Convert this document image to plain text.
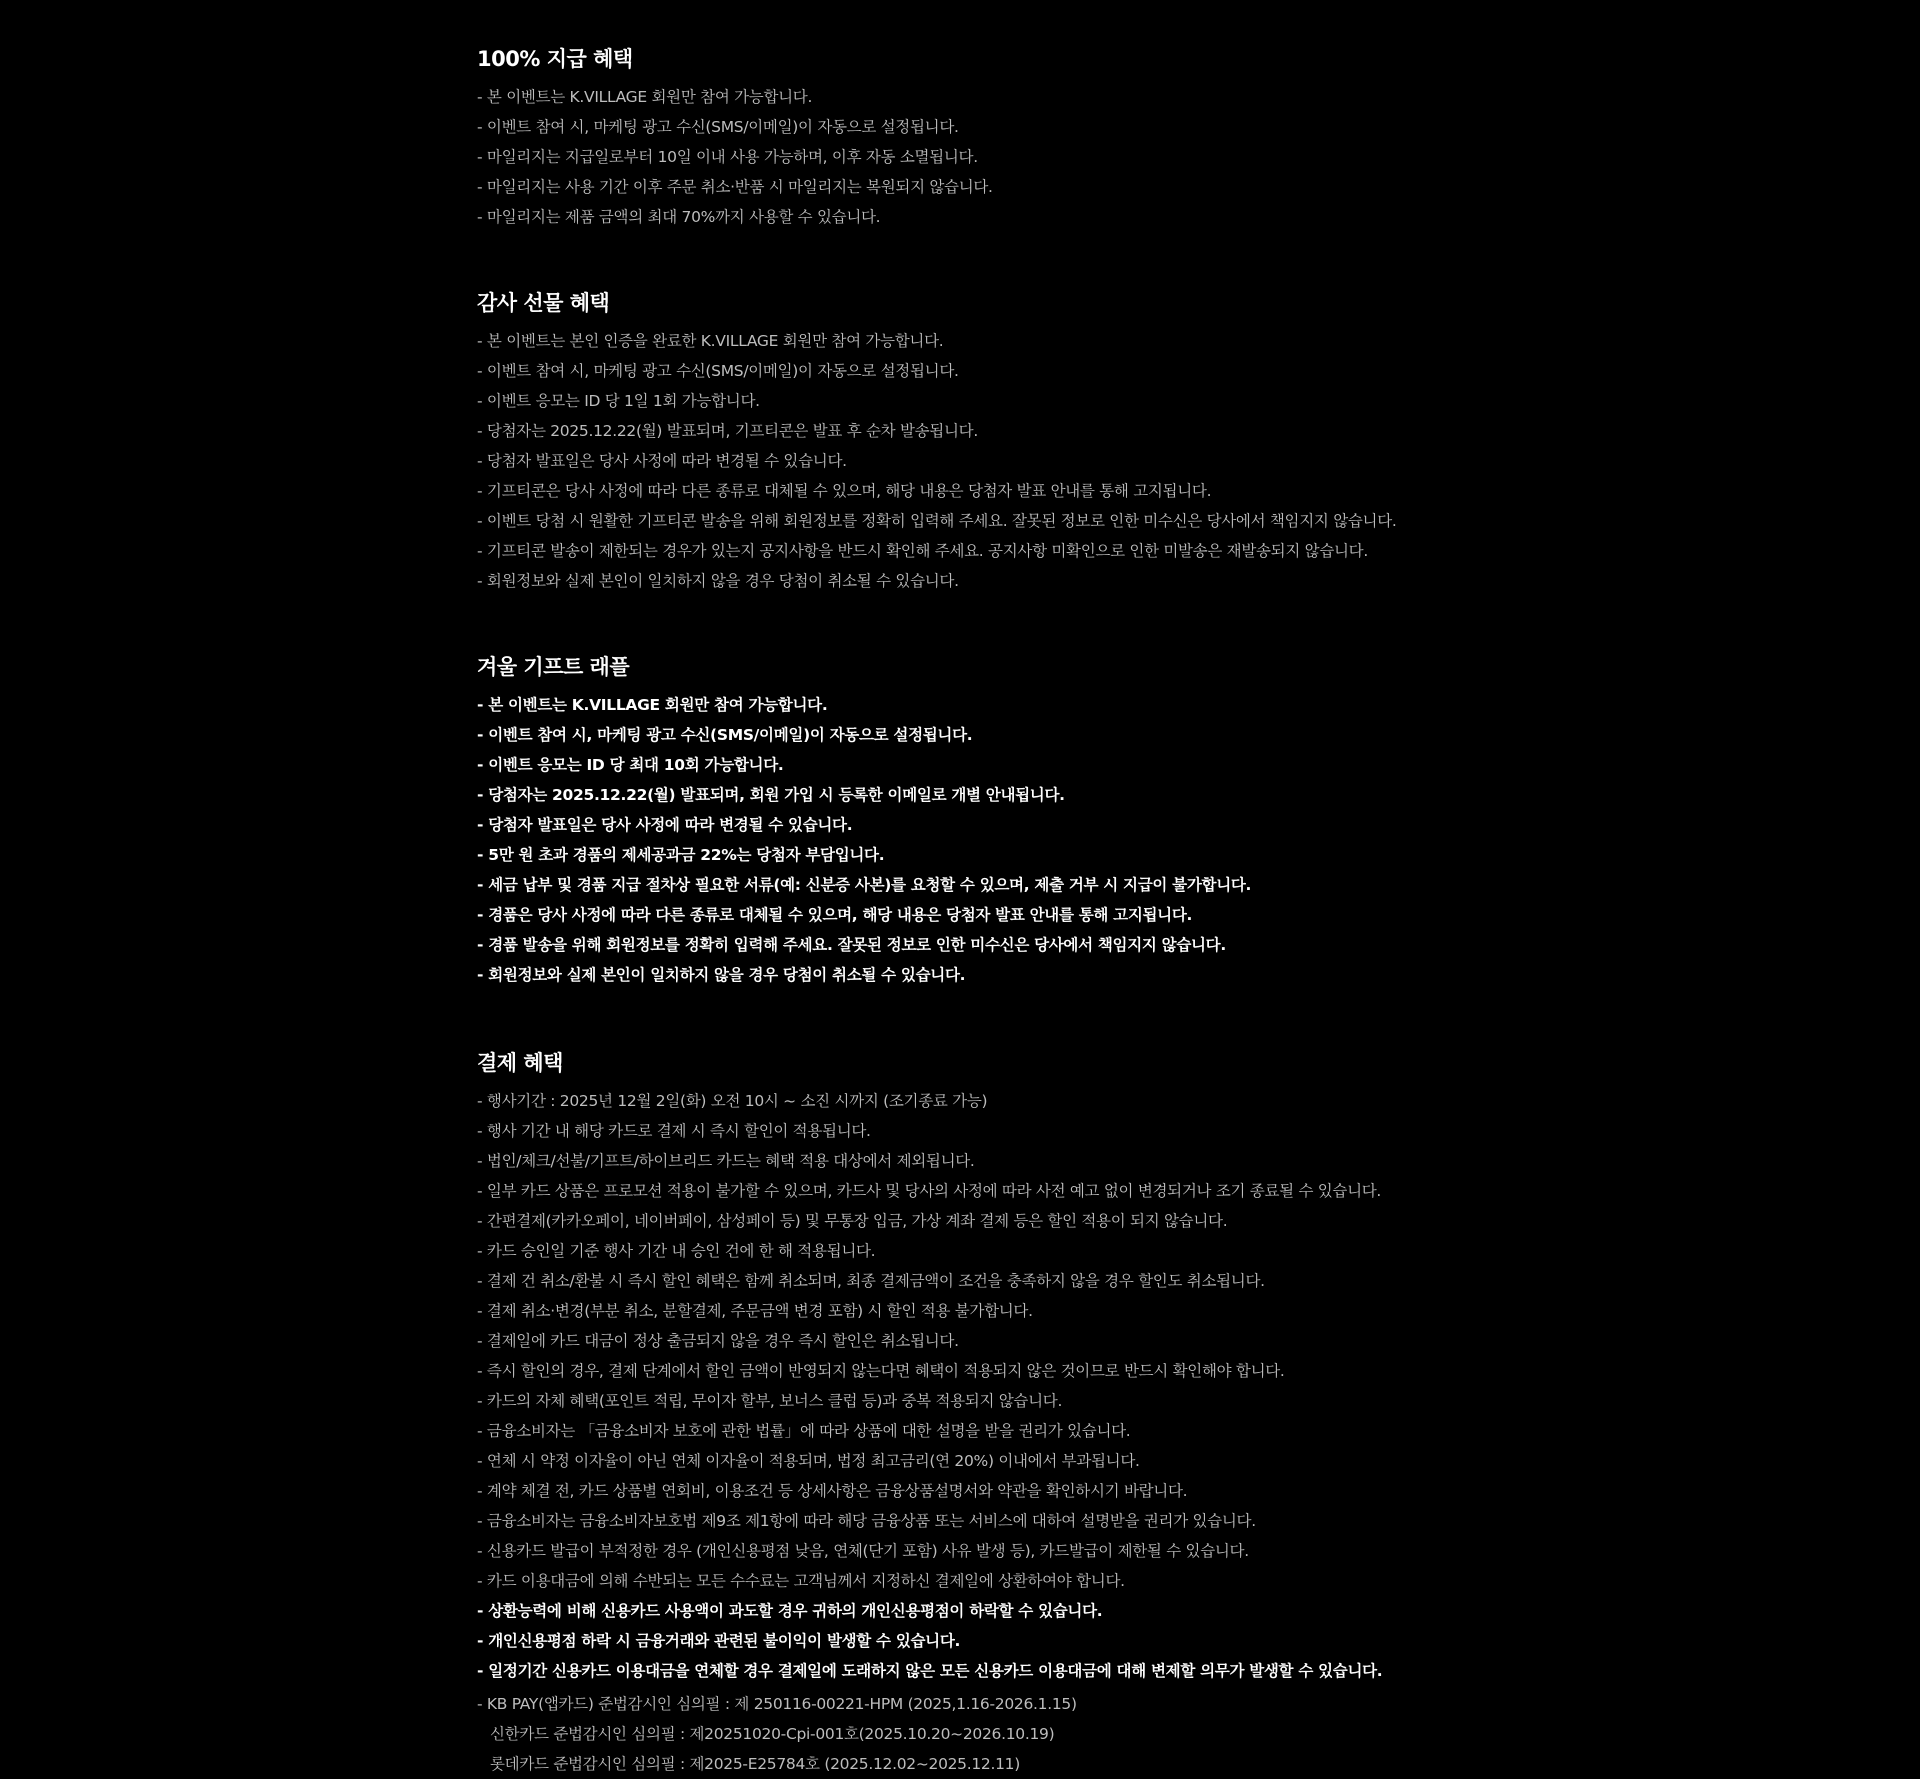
100% 지급 혜택
- 본 이벤트는 K.VILLAGE 회원만 참여 가능합니다.
- 이벤트 참여 시, 마케팅 광고 수신(SMS/이메일)이 자동으로 설정됩니다.
- 마일리지는 지급일로부터 10일 이내 사용 가능하며, 이후 자동 소멸됩니다.
- 마일리지는 사용 기간 이후 주문 취소·반품 시 마일리지는 복원되지 않습니다.
- 마일리지는 제품 금액의 최대 70%까지 사용할 수 있습니다.
감사 선물 혜택
- 본 이벤트는 본인 인증을 완료한 K.VILLAGE 회원만 참여 가능합니다.
- 이벤트 참여 시, 마케팅 광고 수신(SMS/이메일)이 자동으로 설정됩니다.
- 이벤트 응모는 ID 당 1일 1회 가능합니다.
- 당첨자는 2025.12.22(월) 발표되며, 기프티콘은 발표 후 순차 발송됩니다.
- 당첨자 발표일은 당사 사정에 따라 변경될 수 있습니다.
- 기프티콘은 당사 사정에 따라 다른 종류로 대체될 수 있으며, 해당 내용은 당첨자 발표 안내를 통해 고지됩니다.
- 이벤트 당첨 시 원활한 기프티콘 발송을 위해 회원정보를 정확히 입력해 주세요. 잘못된 정보로 인한 미수신은 당사에서 책임지지 않습니다.
- 기프티콘 발송이 제한되는 경우가 있는지 공지사항을 반드시 확인해 주세요. 공지사항 미확인으로 인한 미발송은 재발송되지 않습니다.
- 회원정보와 실제 본인이 일치하지 않을 경우 당첨이 취소될 수 있습니다.
겨울 기프트 래플
- 본 이벤트는 K.VILLAGE 회원만 참여 가능합니다.
- 이벤트 참여 시, 마케팅 광고 수신(SMS/이메일)이 자동으로 설정됩니다.
- 이벤트 응모는 ID 당 최대 10회 가능합니다.
- 당첨자는 2025.12.22(월) 발표되며, 회원 가입 시 등록한 이메일로 개별 안내됩니다.
- 당첨자 발표일은 당사 사정에 따라 변경될 수 있습니다.
- 5만 원 초과 경품의 제세공과금 22%는 당첨자 부담입니다.
- 세금 납부 및 경품 지급 절차상 필요한 서류(예: 신분증 사본)를 요청할 수 있으며, 제출 거부 시 지급이 불가합니다.
- 경품은 당사 사정에 따라 다른 종류로 대체될 수 있으며, 해당 내용은 당첨자 발표 안내를 통해 고지됩니다.
- 경품 발송을 위해 회원정보를 정확히 입력해 주세요. 잘못된 정보로 인한 미수신은 당사에서 책임지지 않습니다.
- 회원정보와 실제 본인이 일치하지 않을 경우 당첨이 취소될 수 있습니다.
결제 혜택
- 행사기간 : 2025년 12월 2일(화) 오전 10시 ~ 소진 시까지 (조기종료 가능)
- 행사 기간 내 해당 카드로 결제 시 즉시 할인이 적용됩니다.
- 법인/체크/선불/기프트/하이브리드 카드는 혜택 적용 대상에서 제외됩니다.
- 일부 카드 상품은 프로모션 적용이 불가할 수 있으며, 카드사 및 당사의 사정에 따라 사전 예고 없이 변경되거나 조기 종료될 수 있습니다.
- 간편결제(카카오페이, 네이버페이, 삼성페이 등) 및 무통장 입금, 가상 계좌 결제 등은 할인 적용이 되지 않습니다.
- 카드 승인일 기준 행사 기간 내 승인 건에 한 해 적용됩니다.
- 결제 건 취소/환불 시 즉시 할인 혜택은 함께 취소되며, 최종 결제금액이 조건을 충족하지 않을 경우 할인도 취소됩니다.
- 결제 취소·변경(부분 취소, 분할결제, 주문금액 변경 포함) 시 할인 적용 불가합니다.
- 결제일에 카드 대금이 정상 출금되지 않을 경우 즉시 할인은 취소됩니다.
- 즉시 할인의 경우, 결제 단계에서 할인 금액이 반영되지 않는다면 혜택이 적용되지 않은 것이므로 반드시 확인해야 합니다.
- 카드의 자체 혜택(포인트 적립, 무이자 할부, 보너스 클럽 등)과 중복 적용되지 않습니다.
- 금융소비자는 「금융소비자 보호에 관한 법률」에 따라 상품에 대한 설명을 받을 권리가 있습니다.
- 연체 시 약정 이자율이 아닌 연체 이자율이 적용되며, 법정 최고금리(연 20%) 이내에서 부과됩니다.
- 계약 체결 전, 카드 상품별 연회비, 이용조건 등 상세사항은 금융상품설명서와 약관을 확인하시기 바랍니다.
- 금융소비자는 금융소비자보호법 제9조 제1항에 따라 해당 금융상품 또는 서비스에 대하여 설명받을 권리가 있습니다.
- 신용카드 발급이 부적정한 경우 (개인신용평점 낮음, 연체(단기 포함) 사유 발생 등), 카드발급이 제한될 수 있습니다.
- 카드 이용대금에 의해 수반되는 모든 수수료는 고객님께서 지정하신 결제일에 상환하여야 합니다.
- 상환능력에 비해 신용카드 사용액이 과도할 경우 귀하의 개인신용평점이 하락할 수 있습니다.
- 개인신용평점 하락 시 금융거래와 관련된 불이익이 발생할 수 있습니다.
- 일정기간 신용카드 이용대금을 연체할 경우 결제일에 도래하지 않은 모든 신용카드 이용대금에 대해 변제할 의무가 발생할 수 있습니다.
- KB PAY(앱카드) 준법감시인 심의필 : 제 250116-00221-HPM (2025,1.16-2026.1.15)
신한카드 준법감시인 심의필 : 제20251020-Cpi-001호(2025.10.20~2026.10.19)
롯데카드 준법감시인 심의필 : 제2025-E25784호 (2025.12.02~2025.12.11)
